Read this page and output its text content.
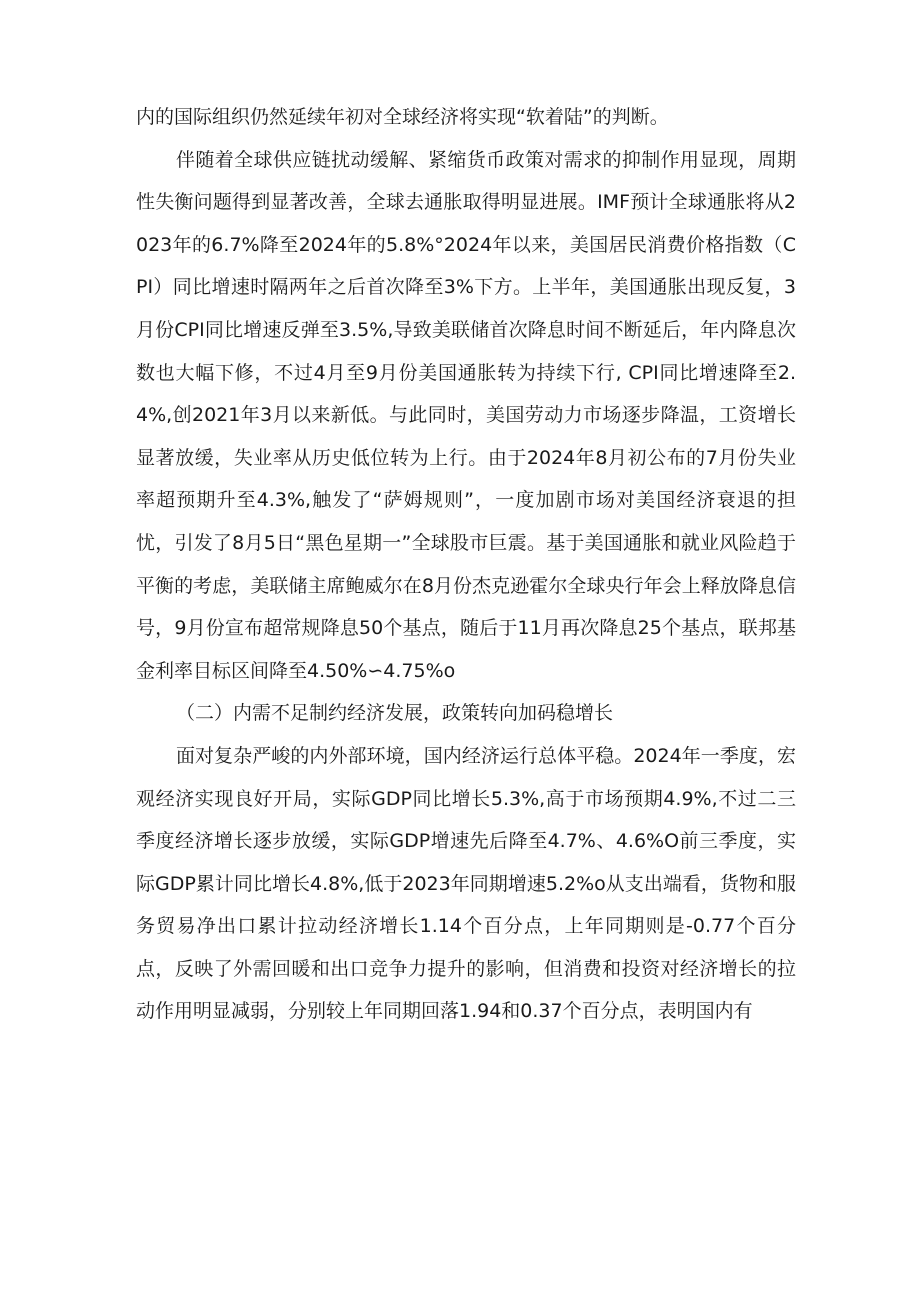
内的国际组织仍然延续年初对全球经济将实现“软着陆”的判断。

伴随着全球供应链扰动缓解、紧缩货币政策对需求的抑制作用显现，周期性失衡问题得到显著改善，全球去通胀取得明显进展。IMF预计全球通胀将从2023年的6.7%降至2024年的5.8%°2024年以来，美国居民消费价格指数（CPI）同比增速时隔两年之后首次降至3%下方。上半年，美国通胀出现反复，3月份CPI同比增速反弹至3.5%,导致美联储首次降息时间不断延后，年内降息次数也大幅下修，不过4月至9月份美国通胀转为持续下行, CPI同比增速降至2.4%,创2021年3月以来新低。与此同时，美国劳动力市场逐步降温，工资增长显著放缓，失业率从历史低位转为上行。由于2024年8月初公布的7月份失业率超预期升至4.3%,触发了“萨姆规则”，一度加剧市场对美国经济衰退的担忧，引发了8月5日“黑色星期一”全球股市巨震。基于美国通胀和就业风险趋于平衡的考虑，美联储主席鲍威尔在8月份杰克逊霍尔全球央行年会上释放降息信号，9月份宣布超常规降息50个基点，随后于11月再次降息25个基点，联邦基金利率目标区间降至4.50%∽4.75%o

（二）内需不足制约经济发展，政策转向加码稳增长

面对复杂严峻的内外部环境，国内经济运行总体平稳。2024年一季度，宏观经济实现良好开局，实际GDP同比增长5.3%,高于市场预期4.9%,不过二三季度经济增长逐步放缓，实际GDP增速先后降至4.7%、4.6%O前三季度，实际GDP累计同比增长4.8%,低于2023年同期增速5.2%o从支出端看，货物和服务贸易净出口累计拉动经济增长1.14个百分点，上年同期则是-0.77个百分点，反映了外需回暖和出口竞争力提升的影响，但消费和投资对经济增长的拉动作用明显减弱，分别较上年同期回落1.94和0.37个百分点，表明国内有
